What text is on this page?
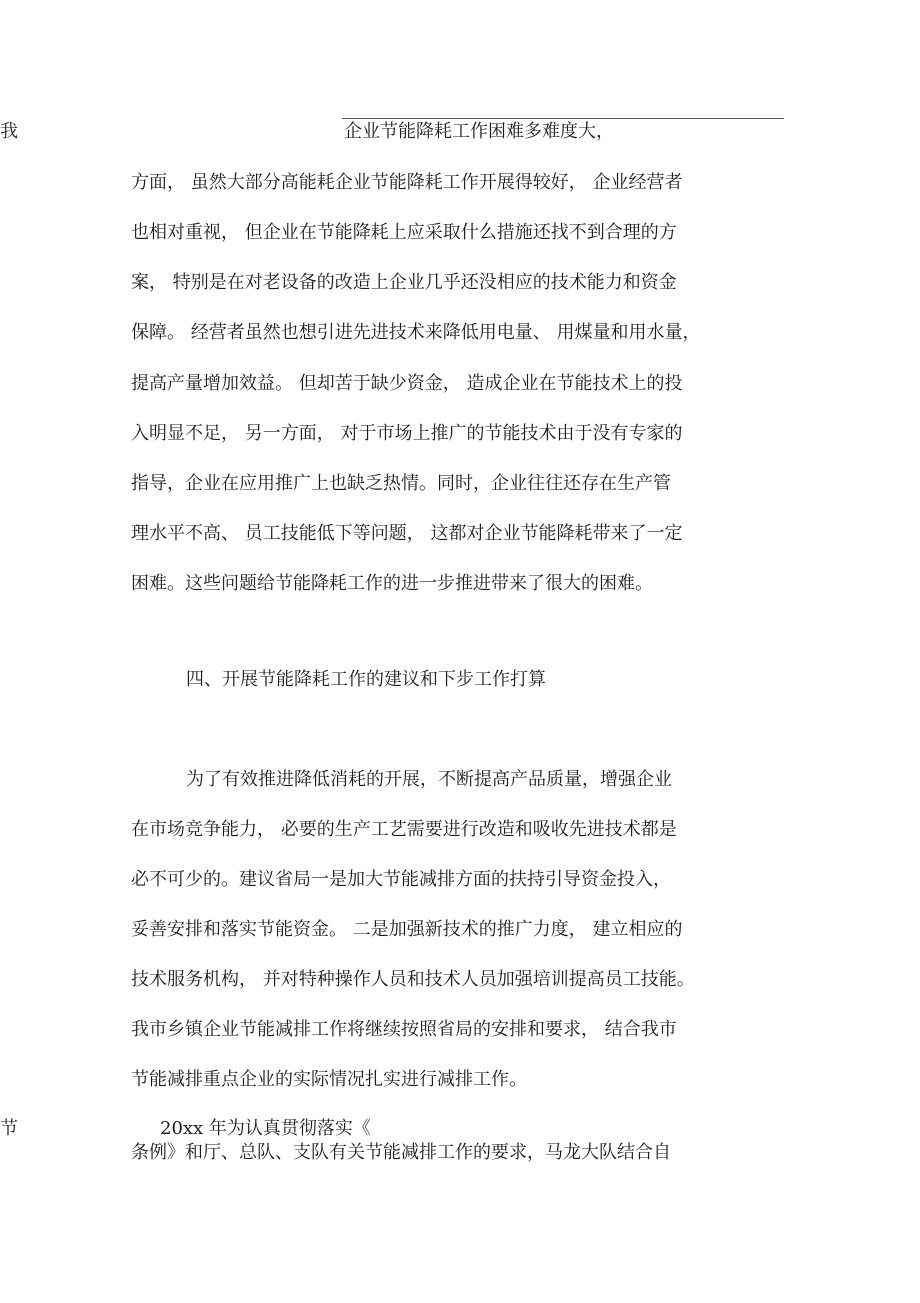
我	企业节能降耗工作困难多难度大，

方面， 虽然大部分高能耗企业节能降耗工作开展得较好， 企业经营者

也相对重视， 但企业在节能降耗上应采取什么措施还找不到合理的方

案， 特别是在对老设备的改造上企业几乎还没相应的技术能力和资金

保障。 经营者虽然也想引进先进技术来降低用电量、 用煤量和用水量，

提高产量增加效益。 但却苦于缺少资金， 造成企业在节能技术上的投

入明显不足， 另一方面， 对于市场上推广的节能技术由于没有专家的

指导，企业在应用推广上也缺乏热情。同时，企业往往还存在生产管

理水平不高、 员工技能低下等问题， 这都对企业节能降耗带来了一定

困难。这些问题给节能降耗工作的进一步推进带来了很大的困难。

四、开展节能降耗工作的建议和下步工作打算

为了有效推进降低消耗的开展，不断提高产品质量，增强企业

在市场竞争能力， 必要的生产工艺需要进行改造和吸收先进技术都是

必不可少的。建议省局一是加大节能减排方面的扶持引导资金投入，

妥善安排和落实节能资金。 二是加强新技术的推广力度， 建立相应的

技术服务机构， 并对特种操作人员和技术人员加强培训提高员工技能。

我市乡镇企业节能减排工作将继续按照省局的安排和要求， 结合我市

节能减排重点企业的实际情况扎实进行减排工作。

节	20xx 年为认真贯彻落实《

条例》和厅、总队、支队有关节能减排工作的要求，马龙大队结合自
